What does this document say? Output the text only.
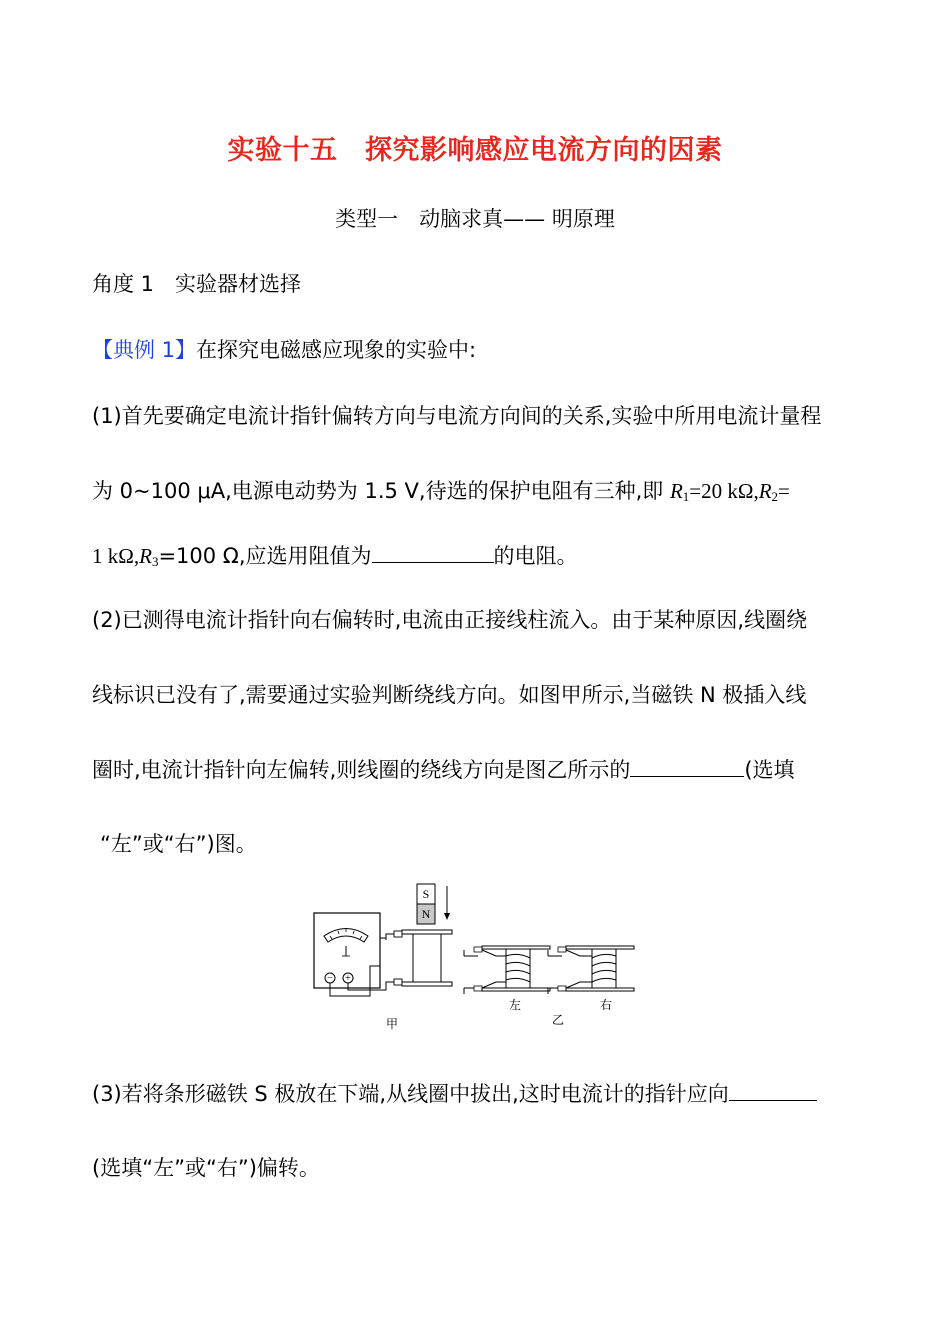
实验十五　探究影响感应电流方向的因素
类型一　动脑求真—— 明原理
角度 1　 实验器材选择
【典例 1】在探究电磁感应现象的实验中:
(1)首先要确定电流计指针偏转方向与电流方向间的关系,实验中所用电流计量程
为 0~100 μA,电源电动势为 1.5 V,待选的保护电阻有三种,即 $R_1=20$ $k\Omega,R_2=$
1 $k\Omega,R_3=100$ Ω,应选用阻值为	的电阻。
(2)已测得电流计指针向右偏转时,电流由正接线柱流入。由于某种原因,线圈绕
线标识已没有了,需要通过实验判断绕线方向。如图甲所示,当磁铁 N 极插入线
圈时,电流计指针向左偏转,则线圈的绕线方向是图乙所示的	(选填
“左”或“右”)图。
− +
S
N
甲
左	右
乙
(3)若将条形磁铁 S 极放在下端,从线圈中拔出,这时电流计的指针应向
(选填“左”或“右”)偏转。
